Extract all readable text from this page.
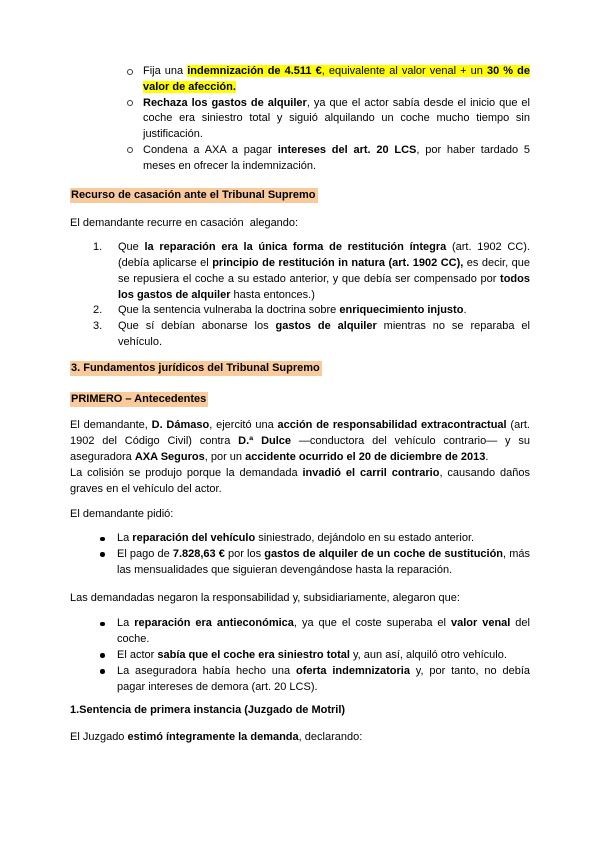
Fija una indemnización de 4.511 €, equivalente al valor venal + un 30 % de valor de afección.
Rechaza los gastos de alquiler, ya que el actor sabía desde el inicio que el coche era siniestro total y siguió alquilando un coche mucho tiempo sin justificación.
Condena a AXA a pagar intereses del art. 20 LCS, por haber tardado 5 meses en ofrecer la indemnización.

Recurso de casación ante el Tribunal Supremo

El demandante recurre en casación  alegando:

1.	Que la reparación era la única forma de restitución íntegra (art. 1902 CC). (debía aplicarse el principio de restitución in natura (art. 1902 CC), es decir, que se repusiera el coche a su estado anterior, y que debía ser compensado por todos los gastos de alquiler hasta entonces.)
2.	Que la sentencia vulneraba la doctrina sobre enriquecimiento injusto.
3.	Que sí debían abonarse los gastos de alquiler mientras no se reparaba el vehículo.

3. Fundamentos jurídicos del Tribunal Supremo

PRIMERO – Antecedentes

El demandante, D. Dámaso, ejercitó una acción de responsabilidad extracontractual (art. 1902 del Código Civil) contra D.ª Dulce —conductora del vehículo contrario— y su aseguradora AXA Seguros, por un accidente ocurrido el 20 de diciembre de 2013.

La colisión se produjo porque la demandada invadió el carril contrario, causando daños graves en el vehículo del actor.

El demandante pidió:

La reparación del vehículo siniestrado, dejándolo en su estado anterior.
El pago de 7.828,63 € por los gastos de alquiler de un coche de sustitución, más las mensualidades que siguieran devengándose hasta la reparación.

Las demandadas negaron la responsabilidad y, subsidiariamente, alegaron que:

La reparación era antieconómica, ya que el coste superaba el valor venal del coche.
El actor sabía que el coche era siniestro total y, aun así, alquiló otro vehículo.
La aseguradora había hecho una oferta indemnizatoria y, por tanto, no debía pagar intereses de demora (art. 20 LCS).

1.Sentencia de primera instancia (Juzgado de Motril)

El Juzgado estimó íntegramente la demanda, declarando:
